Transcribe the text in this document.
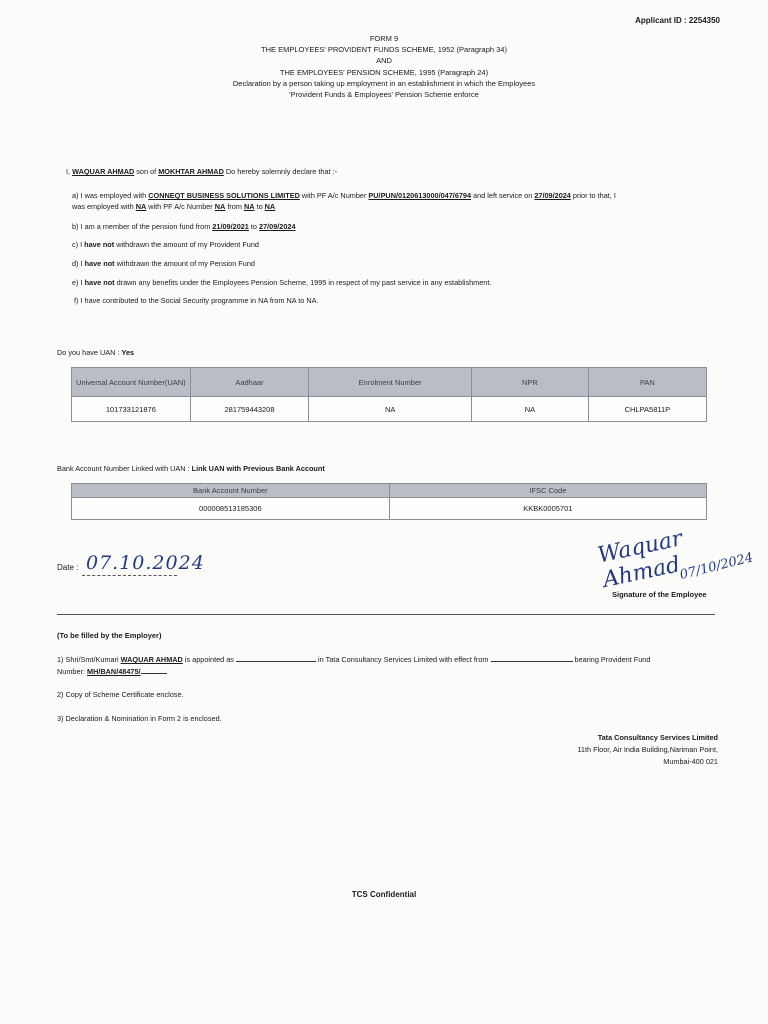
Applicant ID : 2254350
FORM 9
THE EMPLOYEES' PROVIDENT FUNDS SCHEME, 1952 (Paragraph 34)
AND
THE EMPLOYEES' PENSION SCHEME, 1995 (Paragraph 24)
Declaration by a person taking up employment in an establishment in which the Employees
'Provident Funds & Employees' Pension Scheme enforce
I, WAQUAR AHMAD son of MOKHTAR AHMAD Do hereby solemnly declare that :-
a) I was employed with CONNEQT BUSINESS SOLUTIONS LIMITED with PF A/c Number PU/PUN/0120613000/047/6794 and left service on 27/09/2024 prior to that, I
was employed with NA with PF A/c Number NA from NA to NA
b) I am a member of the pension fund from 21/09/2021 to 27/09/2024
c) I have not withdrawn the amount of my Provident Fund
d) I have not withdrawn the amount of my Pension Fund
e) I have not drawn any benefits under the Employees Pension Scheme, 1995 in respect of my past service in any establishment.
f) I have contributed to the Social Security programme in NA from NA to NA.
Do you have UAN : Yes
Universal Account Number(UAN)	Aadhaar	Enrolment Number	NPR	PAN
101733121876	281759443208	NA	NA	CHLPA5811P
Bank Account Number Linked with UAN : Link UAN with Previous Bank Account
Bank Account Number	IFSC Code
000008513185306	KKBK0005701
Date : 07.10.2024	Waquar Ahmad
07/10/2024
Signature of the Employee
(To be filled by the Employer)
1) Shri/Smt/Kumari WAQUAR AHMAD is appointed as	in Tata Consultancy Services Limited with effect from	bearing Provident Fund
Number: MH/BAN/48475/
2) Copy of Scheme Certificate enclose.
3) Declaration & Nomination in Form 2 is enclosed.
Tata Consultancy Services Limited
11th Floor, Air India Building,Nariman Point,
Mumbai-400 021
TCS Confidential
